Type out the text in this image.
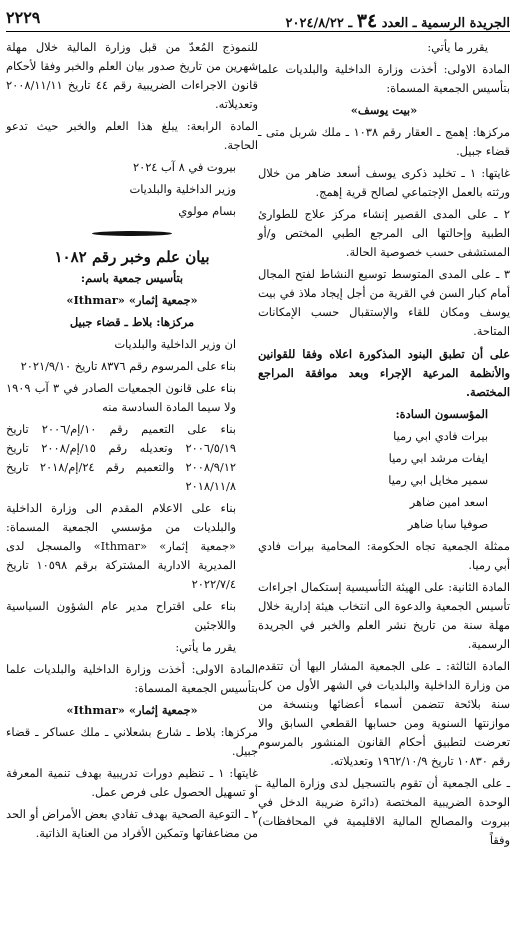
الجريدة الرسمية ـ العدد ٣٤ ـ ٢٠٢٤/٨/٢٢
٢٢٢٩

يقرر ما يأتي:

المادة الاولى: أخذت وزارة الداخلية والبلديات علما بتأسيس الجمعية المسماة:

«بيت يوسف»

مركزها: إهمج ـ العقار رقم ١٠٣٨ ـ ملك شربل متى ـ قضاء جبيل.

غايتها: ١ ـ تخليد ذكرى يوسف أسعد ضاهر من خلال ورثته بالعمل الإجتماعي لصالح قرية إهمج.

٢ ـ على المدى القصير إنشاء مركز علاج للطوارئ الطبية وإحالتها الى المرجع الطبي المختص و/أو المستشفى حسب خصوصية الحالة.

٣ ـ على المدى المتوسط توسيع النشاط لفتح المجال أمام كبار السن في القرية من أجل إيجاد ملاذ في بيت يوسف ومكان للقاء والإستقبال حسب الإمكانات المتاحة.

على أن تطبق البنود المذكورة اعلاه وفقا للقوانين والأنظمة المرعية الإجراء وبعد موافقة المراجع المختصة.

المؤسسون السادة:

بيرات فادي ابي رميا

ايفات مرشد ابي رميا

سمير مخايل ابي رميا

اسعد امين ضاهر

صوفيا سابا ضاهر

ممثلة الجمعية تجاه الحكومة: المحامية بيرات فادي أبي رميا.

المادة الثانية: على الهيئة التأسيسية إستكمال اجراءات تأسيس الجمعية والدعوة الى انتخاب هيئة إدارية خلال مهلة سنة من تاريخ نشر العلم والخبر في الجريدة الرسمية.

المادة الثالثة: ـ على الجمعية المشار اليها أن تتقدم من وزارة الداخلية والبلديات في الشهر الأول من كل سنة بلائحة تتضمن أسماء أعضائها وبنسخة من موازنتها السنوية ومن حسابها القطعي السابق والا تعرضت لتطبيق أحكام القانون المنشور بالمرسوم رقم ١٠٨٣٠ تاريخ ١٩٦٢/١٠/٩ وتعديلاته.

ـ على الجمعية أن تقوم بالتسجيل لدى وزارة المالية ـ الوحدة الضريبية المختصة (دائرة ضريبة الدخل في بيروت والمصالح المالية الاقليمية في المحافظات) وفقاً

للنموذج المُعدّ من قبل وزارة المالية خلال مهلة شهرين من تاريخ صدور بيان العلم والخبر وفقا لأحكام قانون الاجراءات الضريبية رقم ٤٤ تاريخ ٢٠٠٨/١١/١١ وتعديلاته.

المادة الرابعة: يبلغ هذا العلم والخبر حيث تدعو الحاجة.

بيروت في ٨ آب ٢٠٢٤

وزير الداخلية والبلديات

بسام مولوي

بيان علم وخبر رقم ١٠٨٢

بتأسيس جمعية باسم:

«جمعية إثمار» «Ithmar»

مركزها: بلاط ـ قضاء جبيل

ان وزير الداخلية والبلديات

بناء على المرسوم رقم ٨٣٧٦ تاريخ ٢٠٢١/٩/١٠

بناء على قانون الجمعيات الصادر في ٣ آب ١٩٠٩ ولا سيما المادة السادسة منه

بناء على التعميم رقم ١٠/إم/٢٠٠٦ تاريخ ٢٠٠٦/٥/١٩ وتعديله رقم ١٥/إم/٢٠٠٨ تاريخ ٢٠٠٨/٩/١٢ والتعميم رقم ٢٤/إم/٢٠١٨ تاريخ ٢٠١٨/١١/٨

بناء على الاعلام المقدم الى وزارة الداخلية والبلديات من مؤسسي الجمعية المسماة: «جمعية إثمار» «Ithmar» والمسجل لدى المديرية الادارية المشتركة برقم ١٠٥٩٨ تاريخ ٢٠٢٢/٧/٤

بناء على اقتراح مدير عام الشؤون السياسية واللاجئين

يقرر ما يأتي:

المادة الاولى: أخذت وزارة الداخلية والبلديات علما بتأسيس الجمعية المسماة:

«جمعية إثمار» «Ithmar»

مركزها: بلاط ـ شارع بشعلاني ـ ملك عساكر ـ قضاء جبيل.

غايتها: ١ ـ تنظيم دورات تدريبية بهدف تنمية المعرفة أو تسهيل الحصول على فرص عمل.

٢ ـ التوعية الصحية بهدف تفادي بعض الأمراض أو الحد من مضاعفاتها وتمكين الأفراد من العناية الذاتية.
